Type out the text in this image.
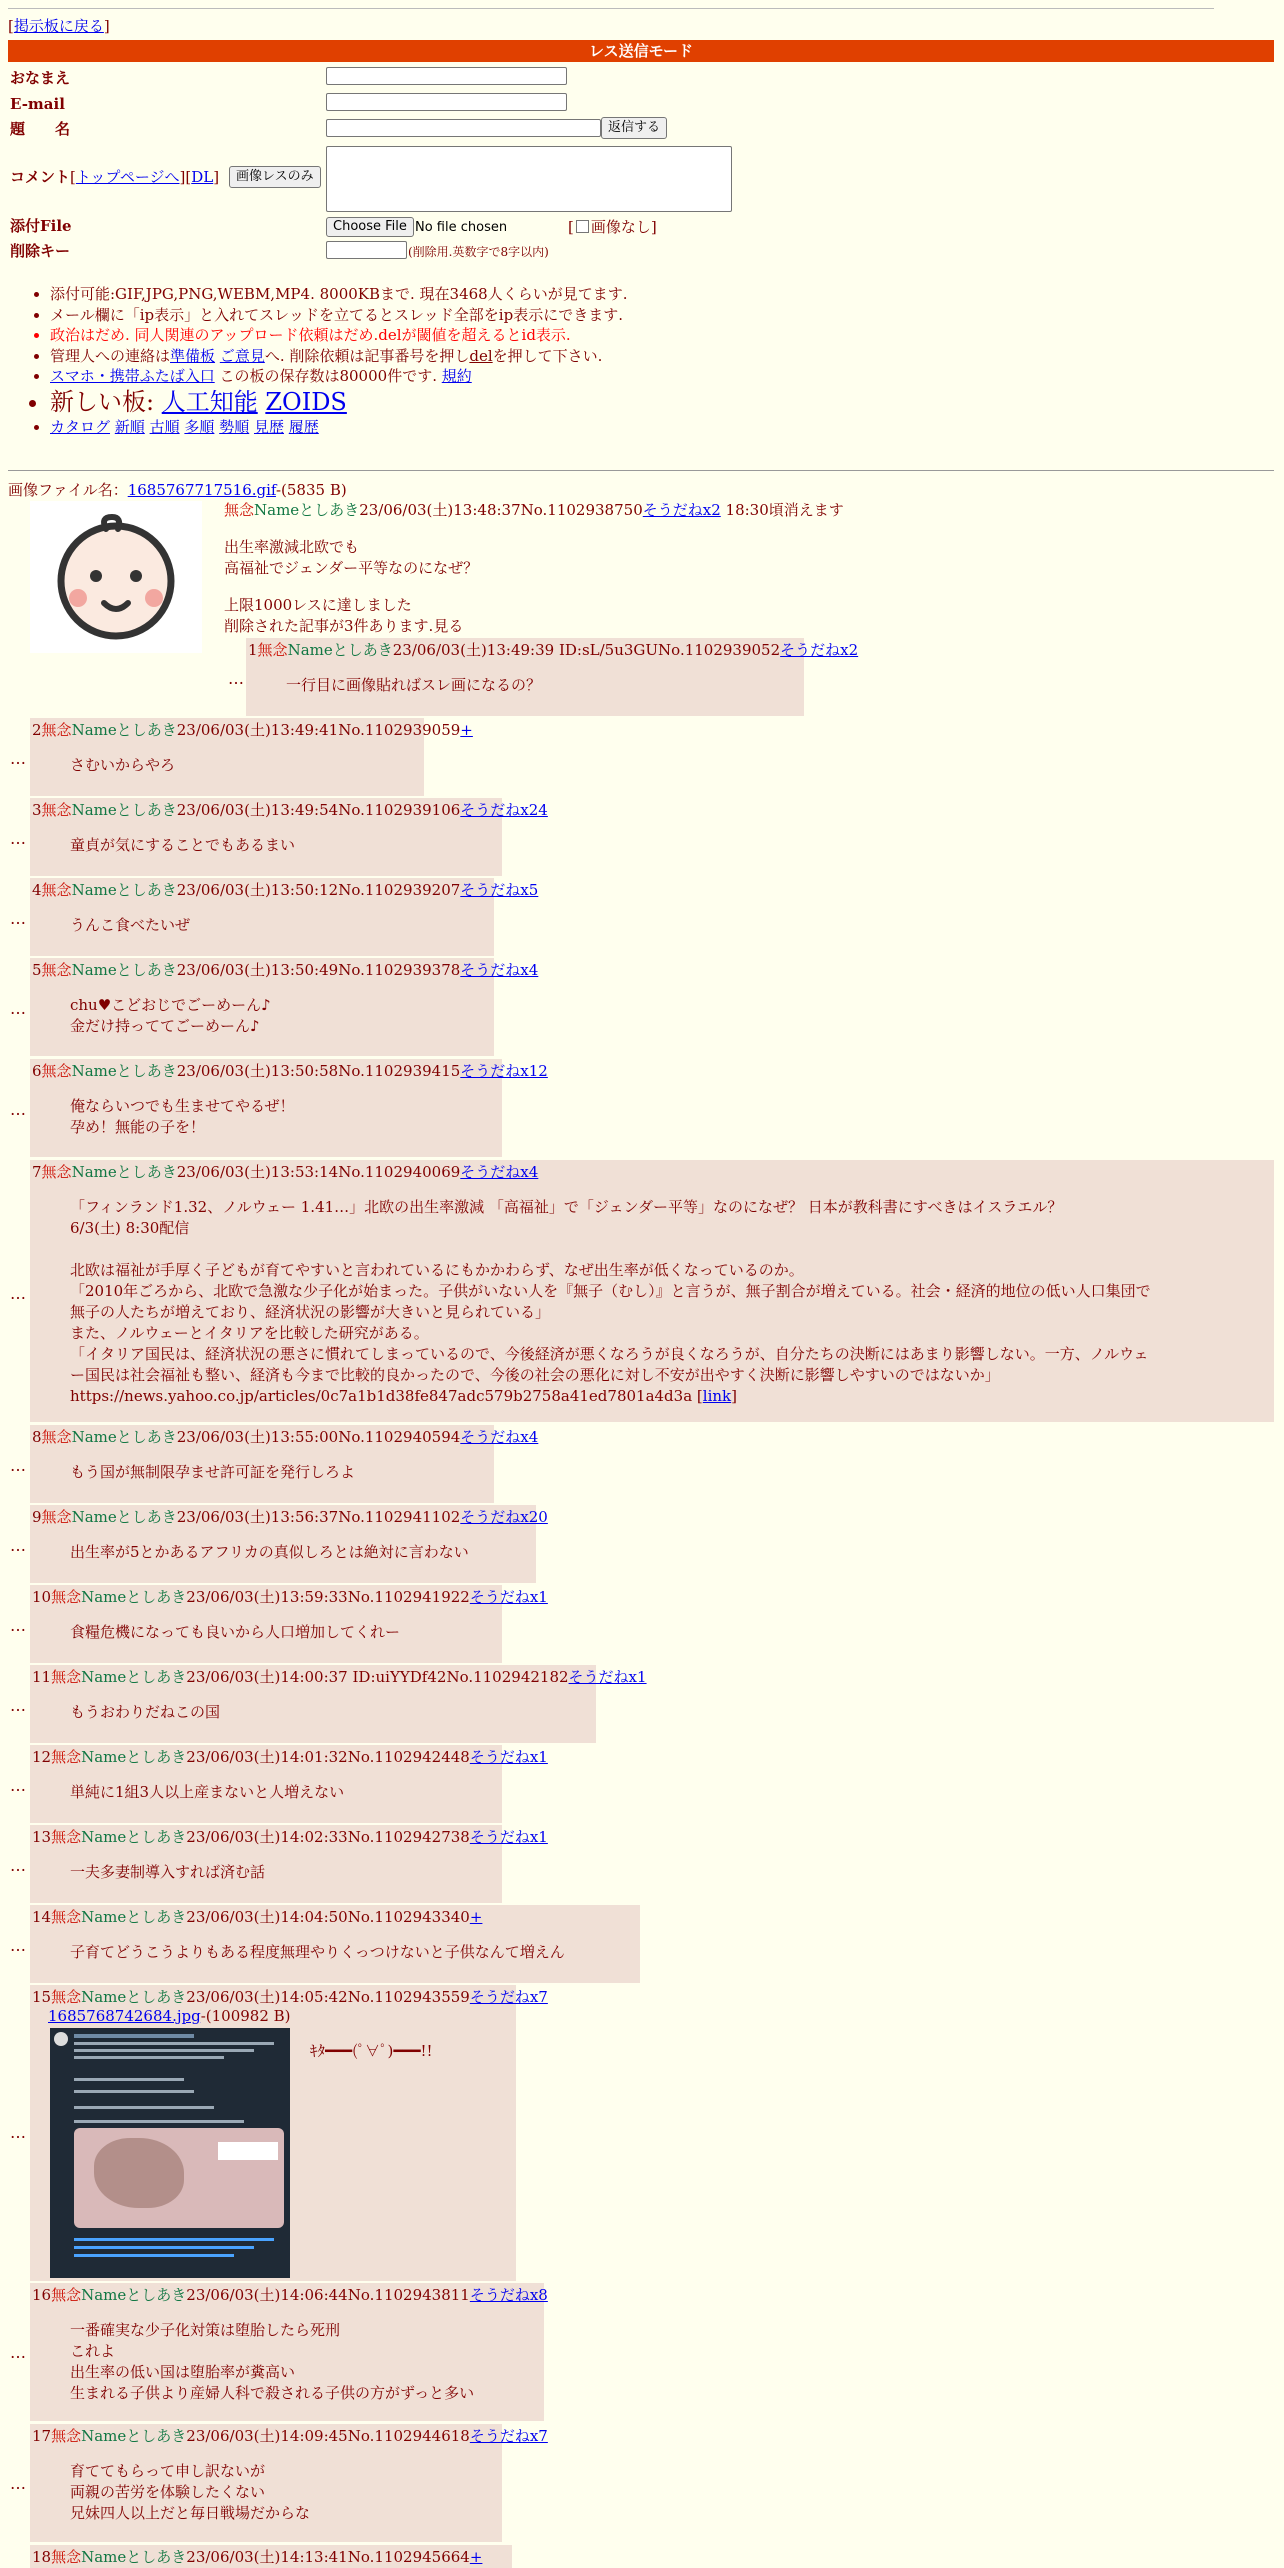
[掲示板に戻る]
レス送信モード
おなまえ
E-mail
題　　名	返信する
コメント[トップページへ][DL]	画像レスのみ
添付File	Choose File No file chosen	[ 画像なし]
削除キー	(削除用.英数字で8字以内)
• 添付可能:GIF,JPG,PNG,WEBM,MP4. 8000KBまで. 現在3468人くらいが見てます.
• メール欄に「ip表示」と入れてスレッドを立てるとスレッド全部をip表示にできます.
• 政治はだめ. 同人関連のアップロード依頼はだめ.delが閾値を超えるとid表示.
• 管理人への連絡は準備板 ご意見へ. 削除依頼は記事番号を押しdelを押して下さい.
• スマホ・携帯ふたば入口 この板の保存数は80000件です. 規約
• 新しい板: 人工知能 ZOIDS
• カタログ 新順 古順 多順 勢順 見歴 履歴
画像ファイル名：1685767717516.gif-(5835 B)
無念Nameとしあき23/06/03(土)13:48:37No.1102938750そうだねx2 18:30頃消えます
出生率激減北欧でも
高福祉でジェンダー平等なのになぜ？
上限1000レスに達しました
削除された記事が3件あります.見る
…
1無念Nameとしあき23/06/03(土)13:49:39 ID:sL/5u3GUNo.1102939052そうだねx2
一行目に画像貼ればスレ画になるの？
…
2無念Nameとしあき23/06/03(土)13:49:41No.1102939059+
さむいからやろ
…
3無念Nameとしあき23/06/03(土)13:49:54No.1102939106そうだねx24
童貞が気にすることでもあるまい
…
4無念Nameとしあき23/06/03(土)13:50:12No.1102939207そうだねx5
うんこ食べたいぜ
…
5無念Nameとしあき23/06/03(土)13:50:49No.1102939378そうだねx4
chu♥こどおじでごーめーん♪
金だけ持っててごーめーん♪
…
6無念Nameとしあき23/06/03(土)13:50:58No.1102939415そうだねx12
俺ならいつでも生ませてやるぜ！
孕め！無能の子を！
…
7無念Nameとしあき23/06/03(土)13:53:14No.1102940069そうだねx4
「フィンランド1.32、ノルウェー 1.41…」北欧の出生率激減 「高福祉」で「ジェンダー平等」なのになぜ？ 日本が教科書にすべきはイスラエル？
6/3(土) 8:30配信

北欧は福祉が手厚く子どもが育てやすいと言われているにもかかわらず、なぜ出生率が低くなっているのか。
「2010年ごろから、北欧で急激な少子化が始まった。子供がいない人を『無子（むし）』と言うが、無子割合が増えている。社会・経済的地位の低い人口集団で
無子の人たちが増えており、経済状況の影響が大きいと見られている」
また、ノルウェーとイタリアを比較した研究がある。
「イタリア国民は、経済状況の悪さに慣れてしまっているので、今後経済が悪くなろうが良くなろうが、自分たちの決断にはあまり影響しない。一方、ノルウェ
ー国民は社会福祉も整い、経済も今まで比較的良かったので、今後の社会の悪化に対し不安が出やすく決断に影響しやすいのではないか」
https://news.yahoo.co.jp/articles/0c7a1b1d38fe847adc579b2758a41ed7801a4d3a [link]
…
8無念Nameとしあき23/06/03(土)13:55:00No.1102940594そうだねx4
もう国が無制限孕ませ許可証を発行しろよ
…
9無念Nameとしあき23/06/03(土)13:56:37No.1102941102そうだねx20
出生率が5とかあるアフリカの真似しろとは絶対に言わない
…
10無念Nameとしあき23/06/03(土)13:59:33No.1102941922そうだねx1
食糧危機になっても良いから人口増加してくれー
…
11無念Nameとしあき23/06/03(土)14:00:37 ID:uiYYDf42No.1102942182そうだねx1
もうおわりだねこの国
…
12無念Nameとしあき23/06/03(土)14:01:32No.1102942448そうだねx1
単純に1組3人以上産まないと人増えない
…
13無念Nameとしあき23/06/03(土)14:02:33No.1102942738そうだねx1
一夫多妻制導入すれば済む話
…
14無念Nameとしあき23/06/03(土)14:04:50No.1102943340+
子育てどうこうよりもある程度無理やりくっつけないと子供なんて増えん
…
15無念Nameとしあき23/06/03(土)14:05:42No.1102943559そうだねx7
1685768742684.jpg-(100982 B)
ｷﾀ━━━(ﾟ∀ﾟ)━━━!!
…
16無念Nameとしあき23/06/03(土)14:06:44No.1102943811そうだねx8
一番確実な少子化対策は堕胎したら死刑
これよ
出生率の低い国は堕胎率が糞高い
生まれる子供より産婦人科で殺される子供の方がずっと多い
…
17無念Nameとしあき23/06/03(土)14:09:45No.1102944618そうだねx7
育ててもらって申し訳ないが
両親の苦労を体験したくない
兄妹四人以上だと毎日戦場だからな
18無念Nameとしあき23/06/03(土)14:13:41No.1102945664+
